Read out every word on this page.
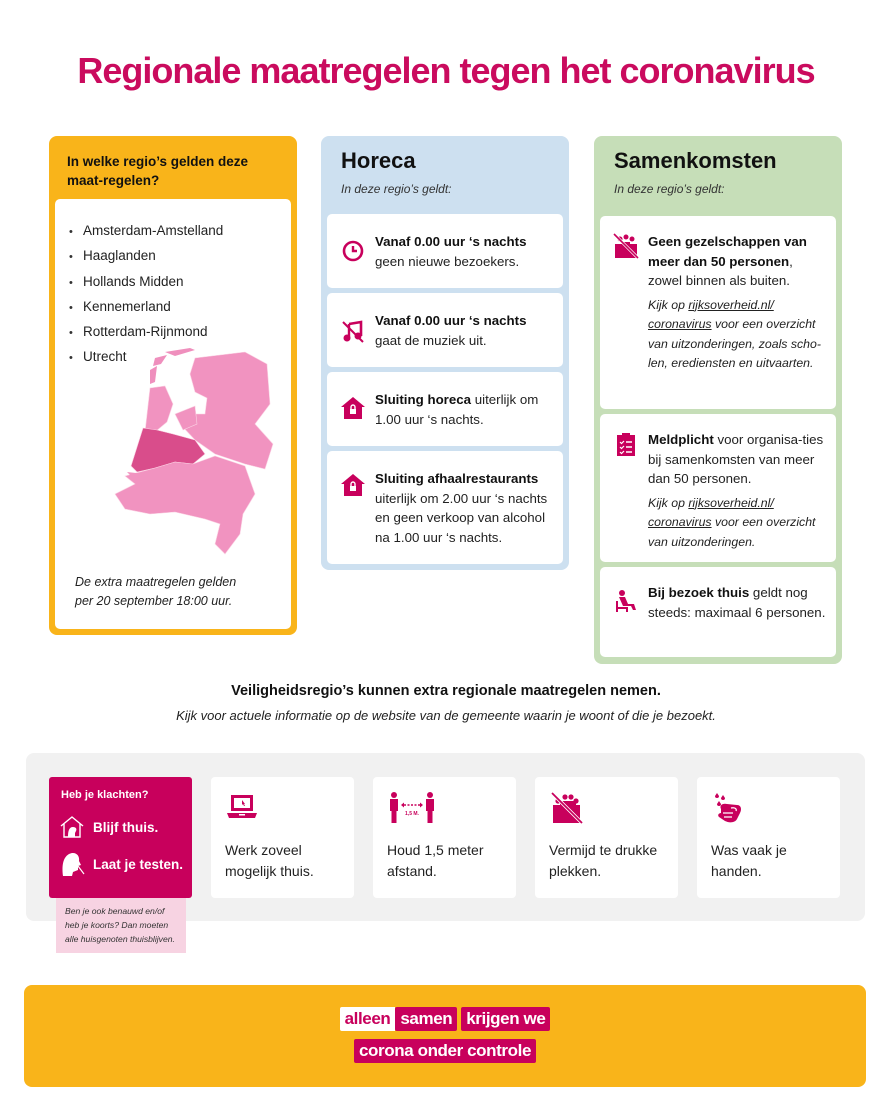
Regionale maatregelen tegen het coronavirus
In welke regio’s gelden deze maat-regelen?
• Amsterdam-Amstelland
• Haaglanden
• Hollands Midden
• Kennemerland
• Rotterdam-Rijnmond
• Utrecht
De extra maatregelen gelden
per 20 september 18:00 uur.
Horeca
In deze regio’s geldt:
Vanaf 0.00 uur ‘s nachts
geen nieuwe bezoekers.
Vanaf 0.00 uur ‘s nachts
gaat de muziek uit.
Sluiting horeca uiterlijk om 1.00 uur ‘s nachts.
Sluiting afhaalrestaurants
uiterlijk om 2.00 uur ‘s nachts en geen verkoop van alcohol na 1.00 uur ‘s nachts.
Samenkomsten
In deze regio’s geldt:
Geen gezelschappen van meer dan 50 personen, zowel binnen als buiten.
Kijk op rijksoverheid.nl/ coronavirus voor een overzicht van uitzonderingen, zoals scho-len, erediensten en uitvaarten.
Meldplicht voor organisa-ties bij samenkomsten van meer dan 50 personen.
Kijk op rijksoverheid.nl/ coronavirus voor een overzicht van uitzonderingen.
Bij bezoek thuis geldt nog steeds: maximaal 6 personen.
Veiligheidsregio’s kunnen extra regionale maatregelen nemen.
Kijk voor actuele informatie op de website van de gemeente waarin je woont of die je bezoekt.
Heb je klachten?
Blijf thuis.
Laat je testen.
Ben je ook benauwd en/of heb je koorts? Dan moeten alle huisgenoten thuisblijven.
Werk zoveel mogelijk thuis.
1,5 M.
Houd 1,5 meter afstand.
Vermijd te drukke plekken.
Was vaak je handen.
alleen samen krijgen we
corona onder controle
